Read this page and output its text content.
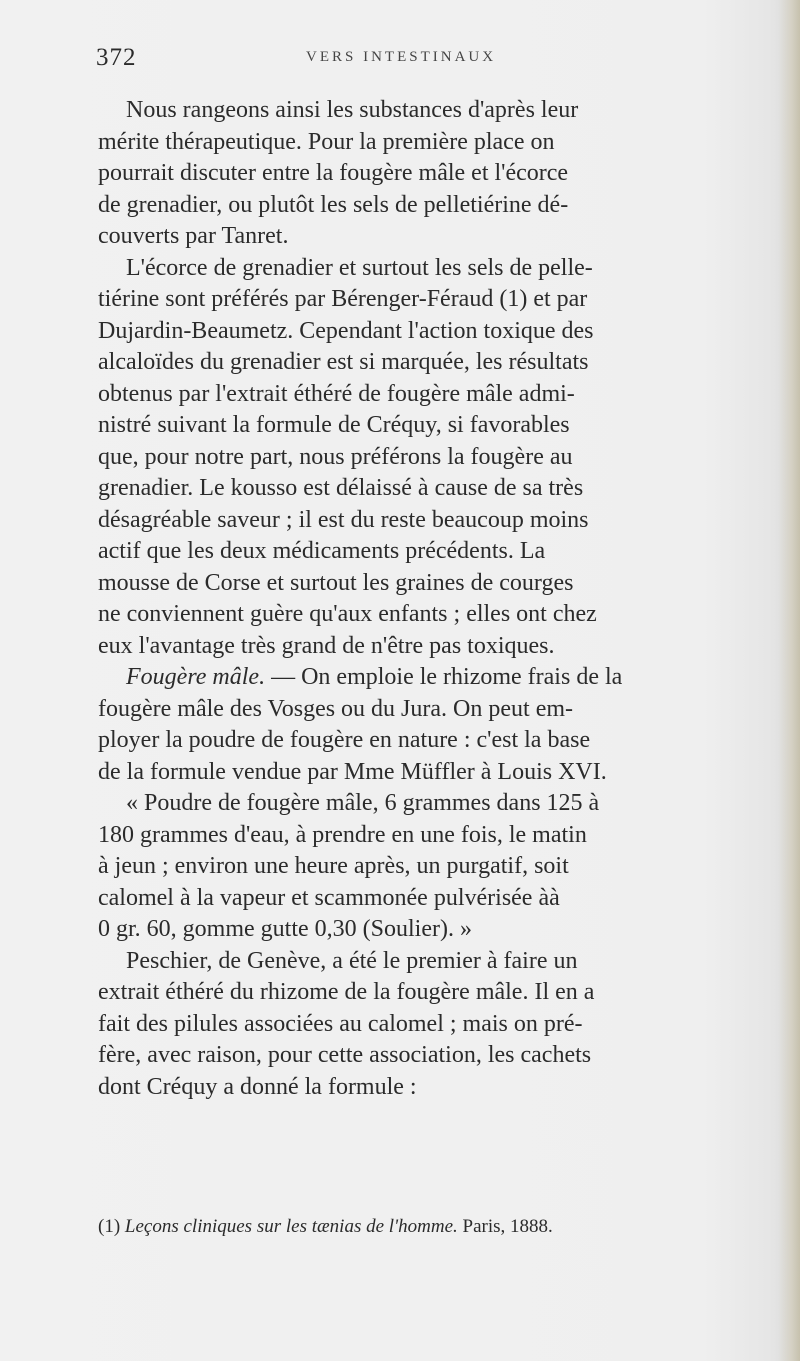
372	VERS INTESTINAUX
Nous rangeons ainsi les substances d'après leur
mérite thérapeutique. Pour la première place on
pourrait discuter entre la fougère mâle et l'écorce
de grenadier, ou plutôt les sels de pelletiérine dé-
couverts par Tanret.
L'écorce de grenadier et surtout les sels de pelle-
tiérine sont préférés par Bérenger-Féraud (1) et par
Dujardin-Beaumetz. Cependant l'action toxique des
alcaloïdes du grenadier est si marquée, les résultats
obtenus par l'extrait éthéré de fougère mâle admi-
nistré suivant la formule de Créquy, si favorables
que, pour notre part, nous préférons la fougère au
grenadier. Le kousso est délaissé à cause de sa très
désagréable saveur ; il est du reste beaucoup moins
actif que les deux médicaments précédents. La
mousse de Corse et surtout les graines de courges
ne conviennent guère qu'aux enfants ; elles ont chez
eux l'avantage très grand de n'être pas toxiques.
Fougère mâle. — On emploie le rhizome frais de la
fougère mâle des Vosges ou du Jura. On peut em-
ployer la poudre de fougère en nature : c'est la base
de la formule vendue par Mme Müffler à Louis XVI.
« Poudre de fougère mâle, 6 grammes dans 125 à
180 grammes d'eau, à prendre en une fois, le matin
à jeun ; environ une heure après, un purgatif, soit
calomel à la vapeur et scammonée pulvérisée àà
0 gr. 60, gomme gutte 0,30 (Soulier). »
Peschier, de Genève, a été le premier à faire un
extrait éthéré du rhizome de la fougère mâle. Il en a
fait des pilules associées au calomel ; mais on pré-
fère, avec raison, pour cette association, les cachets
dont Créquy a donné la formule :
(1) Leçons cliniques sur les tænias de l'homme. Paris, 1888.
